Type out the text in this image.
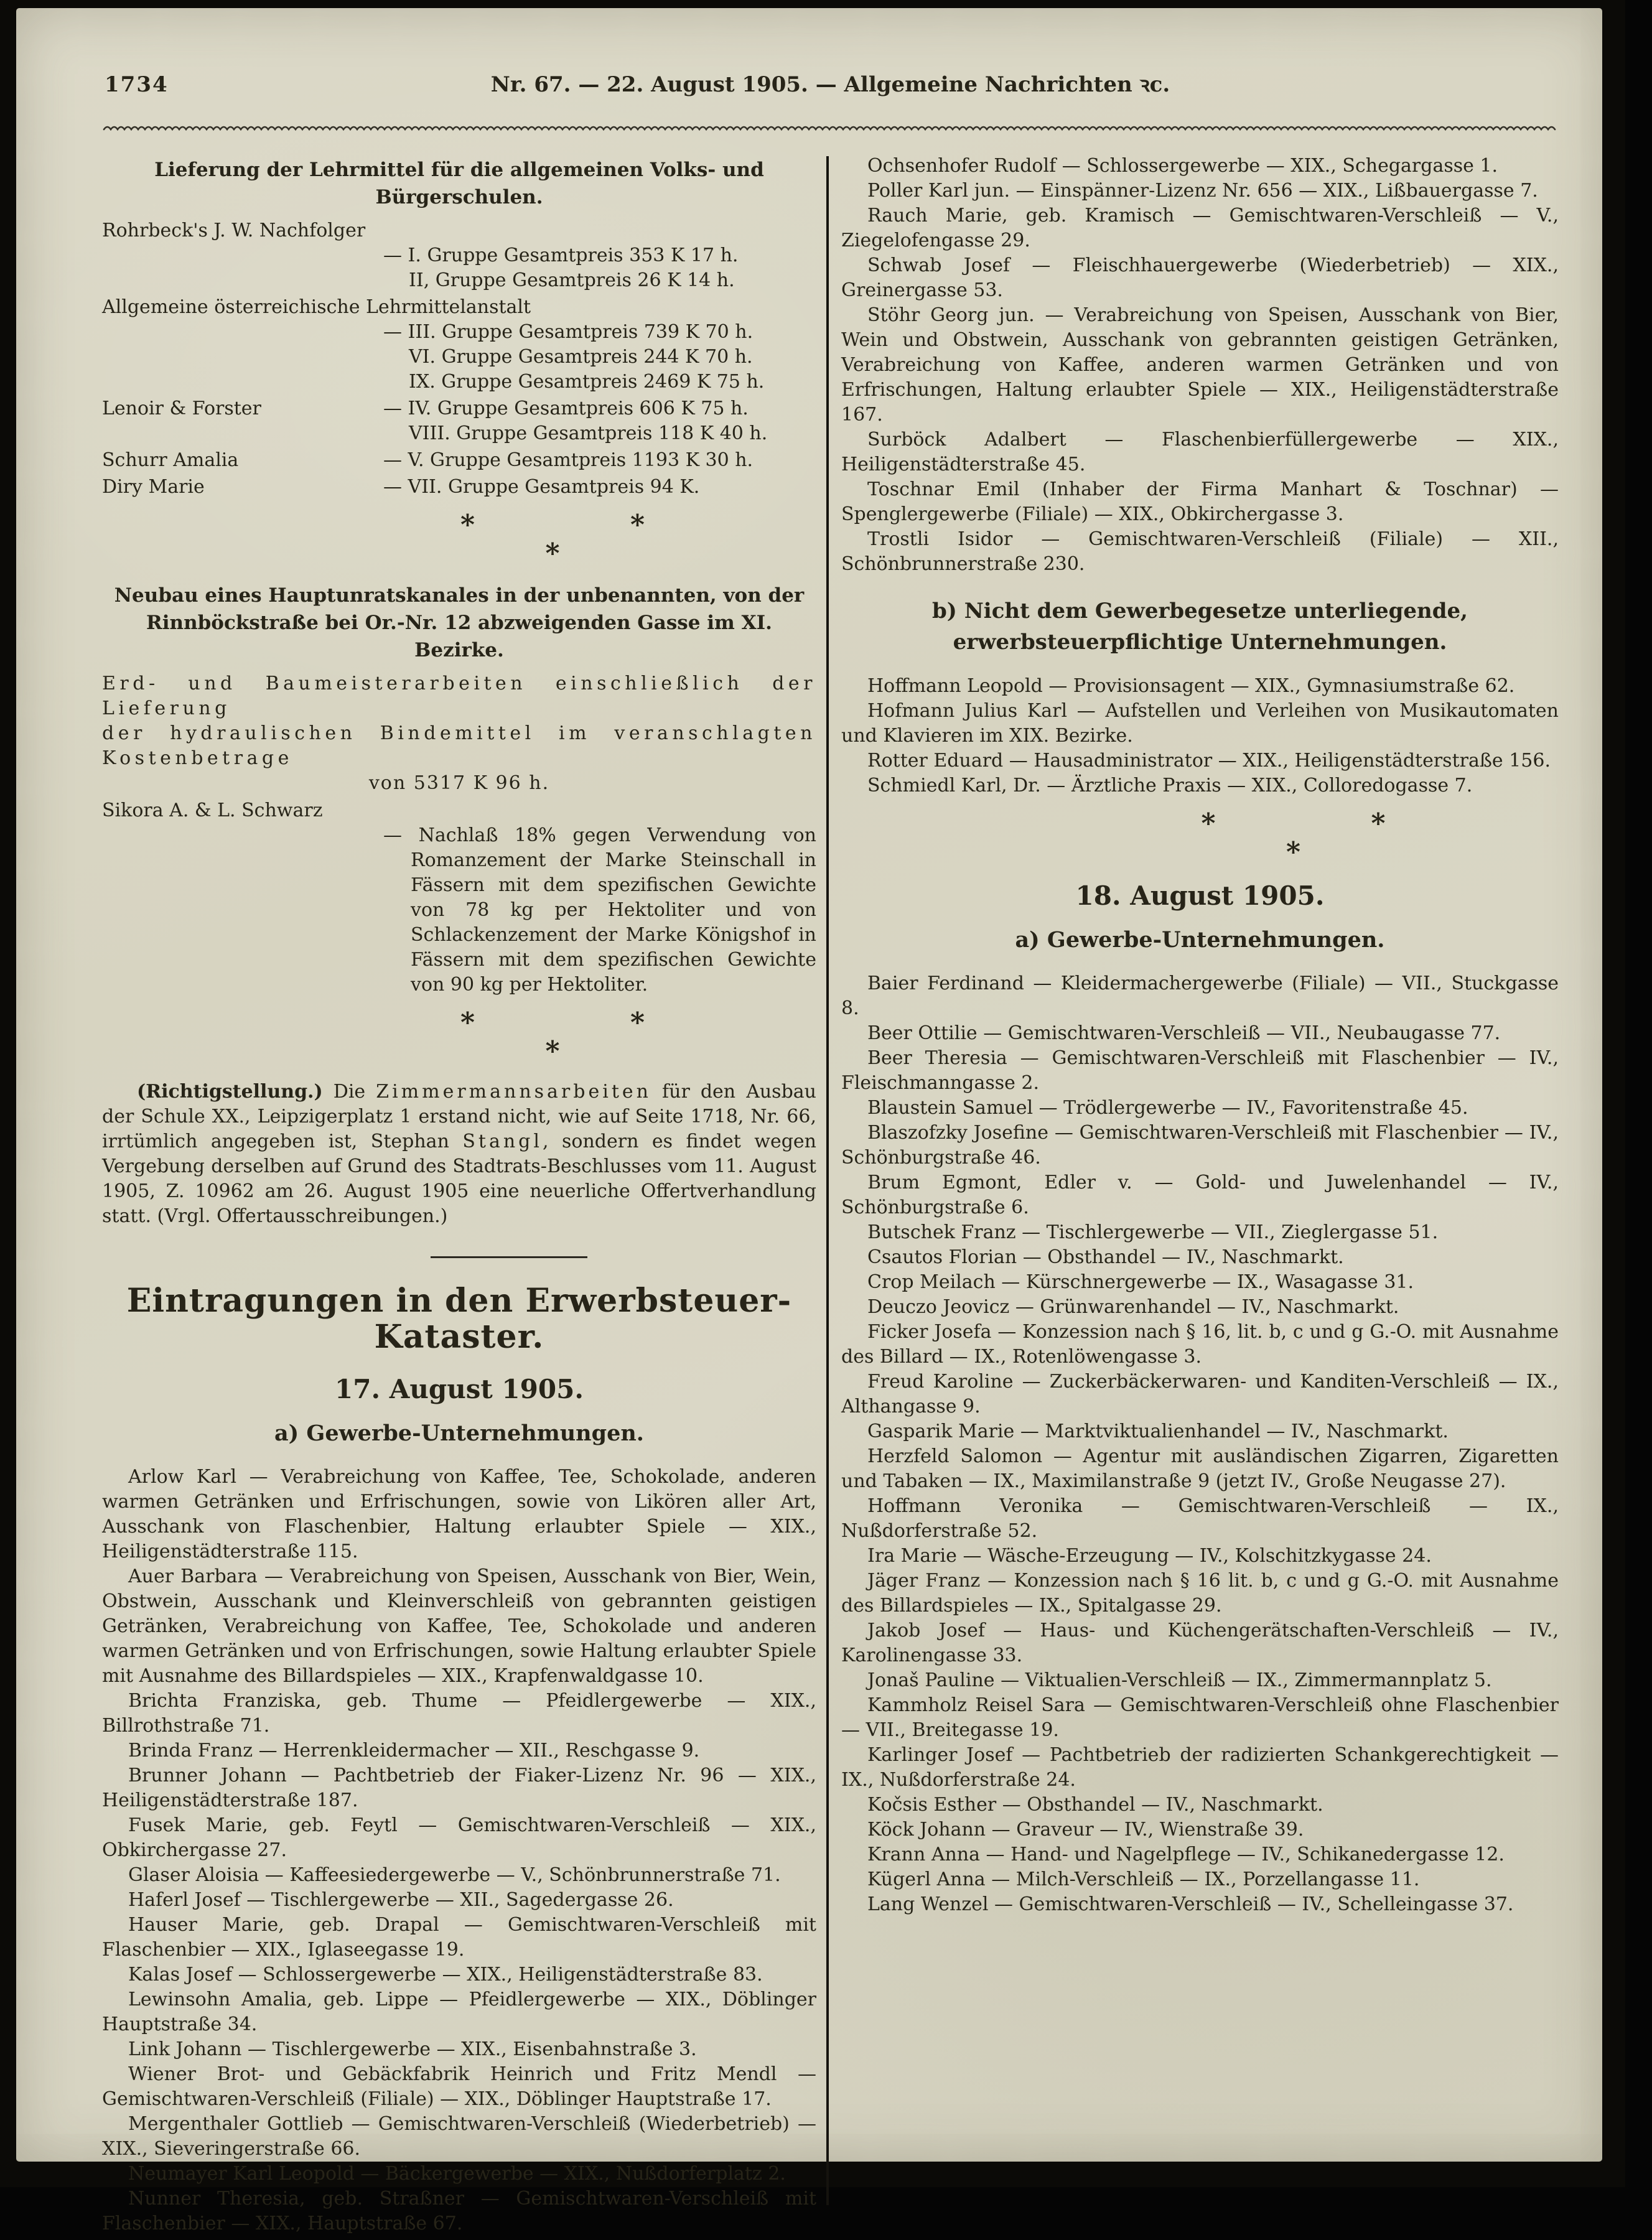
1734	Nr. 67. — 22. August 1905. — Allgemeine Nachrichten ꝛc.
Lieferung der Lehrmittel für die allgemeinen Volks- und Bürgerschulen.
Rohrbeck's J. W. Nachfolger
— I. Gruppe Gesamtpreis 353 K 17 h.
II, Gruppe Gesamtpreis 26 K 14 h.
Allgemeine österreichische Lehrmittelanstalt
— III. Gruppe Gesamtpreis 739 K 70 h.
VI. Gruppe Gesamtpreis 244 K 70 h.
IX. Gruppe Gesamtpreis 2469 K 75 h.
Lenoir & Forster	— IV. Gruppe Gesamtpreis 606 K 75 h.
VIII. Gruppe Gesamtpreis 118 K 40 h.
Schurr Amalia	— V. Gruppe Gesamtpreis 1193 K 30 h.
Diry Marie	— VII. Gruppe Gesamtpreis 94 K.
*	*
*
Neubau eines Hauptunratskanales in der unbenannten, von der Rinnböckstraße bei Or.-Nr. 12 abzweigenden Gasse im XI. Bezirke.
Erd- und Baumeisterarbeiten einschließlich der Lieferung
der hydraulischen Bindemittel im veranschlagten Kostenbetrage
von 5317 K 96 h.
Sikora A. & L. Schwarz
— Nachlaß 18% gegen Verwendung von Romanzement der Marke Steinschall in Fässern mit dem spezifischen Gewichte von 78 kg per Hektoliter und von Schlackenzement der Marke Königshof in Fässern mit dem spezifischen Gewichte von 90 kg per Hektoliter.
*	*
*

(Richtigstellung.) Die Zimmermannsarbeiten für den Ausbau der Schule XX., Leipzigerplatz 1 erstand nicht, wie auf Seite 1718, Nr. 66, irrtümlich angegeben ist, Stephan Stangl, sondern es findet wegen Vergebung derselben auf Grund des Stadtrats-Beschlusses vom 11. August 1905, Z. 10962 am 26. August 1905 eine neuerliche Offertverhandlung statt. (Vrgl. Offertausschreibungen.)

Eintragungen in den Erwerbsteuer-Kataster.
17. August 1905.
a) Gewerbe-Unternehmungen.

Arlow Karl — Verabreichung von Kaffee, Tee, Schokolade, anderen warmen Getränken und Erfrischungen, sowie von Likören aller Art, Ausschank von Flaschenbier, Haltung erlaubter Spiele — XIX., Heiligenstädterstraße 115.

Auer Barbara — Verabreichung von Speisen, Ausschank von Bier, Wein, Obstwein, Ausschank und Kleinverschleiß von gebrannten geistigen Getränken, Verabreichung von Kaffee, Tee, Schokolade und anderen warmen Getränken und von Erfrischungen, sowie Haltung erlaubter Spiele mit Ausnahme des Billardspieles — XIX., Krapfenwaldgasse 10.

Brichta Franziska, geb. Thume — Pfeidlergewerbe — XIX., Billrothstraße 71.

Brinda Franz — Herrenkleidermacher — XII., Reschgasse 9.

Brunner Johann — Pachtbetrieb der Fiaker-Lizenz Nr. 96 — XIX., Heiligenstädterstraße 187.

Fusek Marie, geb. Feytl — Gemischtwaren-Verschleiß — XIX., Obkirchergasse 27.

Glaser Aloisia — Kaffeesiedergewerbe — V., Schönbrunnerstraße 71.

Haferl Josef — Tischlergewerbe — XII., Sagedergasse 26.

Hauser Marie, geb. Drapal — Gemischtwaren-Verschleiß mit Flaschenbier — XIX., Iglaseegasse 19.

Kalas Josef — Schlossergewerbe — XIX., Heiligenstädterstraße 83.

Lewinsohn Amalia, geb. Lippe — Pfeidlergewerbe — XIX., Döblinger Hauptstraße 34.

Link Johann — Tischlergewerbe — XIX., Eisenbahnstraße 3.

Wiener Brot- und Gebäckfabrik Heinrich und Fritz Mendl — Gemischtwaren-Verschleiß (Filiale) — XIX., Döblinger Hauptstraße 17.

Mergenthaler Gottlieb — Gemischtwaren-Verschleiß (Wiederbetrieb) — XIX., Sieveringerstraße 66.

Neumayer Karl Leopold — Bäckergewerbe — XIX., Nußdorferplatz 2.

Nunner Theresia, geb. Straßner — Gemischtwaren-Verschleiß mit Flaschenbier — XIX., Hauptstraße 67.

Ochsenhofer Rudolf — Schlossergewerbe — XIX., Schegargasse 1.

Poller Karl jun. — Einspänner-Lizenz Nr. 656 — XIX., Lißbauergasse 7.

Rauch Marie, geb. Kramisch — Gemischtwaren-Verschleiß — V., Ziegelofengasse 29.

Schwab Josef — Fleischhauergewerbe (Wiederbetrieb) — XIX., Greinergasse 53.

Stöhr Georg jun. — Verabreichung von Speisen, Ausschank von Bier, Wein und Obstwein, Ausschank von gebrannten geistigen Getränken, Verabreichung von Kaffee, anderen warmen Getränken und von Erfrischungen, Haltung erlaubter Spiele — XIX., Heiligenstädterstraße 167.

Surböck Adalbert — Flaschenbierfüllergewerbe — XIX., Heiligenstädterstraße 45.

Toschnar Emil (Inhaber der Firma Manhart & Toschnar) — Spenglergewerbe (Filiale) — XIX., Obkirchergasse 3.

Trostli Isidor — Gemischtwaren-Verschleiß (Filiale) — XII., Schönbrunnerstraße 230.

b) Nicht dem Gewerbegesetze unterliegende, erwerbsteuerpflichtige Unternehmungen.

Hoffmann Leopold — Provisionsagent — XIX., Gymnasiumstraße 62.

Hofmann Julius Karl — Aufstellen und Verleihen von Musikautomaten und Klavieren im XIX. Bezirke.

Rotter Eduard — Hausadministrator — XIX., Heiligenstädterstraße 156.

Schmiedl Karl, Dr. — Ärztliche Praxis — XIX., Colloredogasse 7.

*	*
*
18. August 1905.
a) Gewerbe-Unternehmungen.

Baier Ferdinand — Kleidermachergewerbe (Filiale) — VII., Stuckgasse 8.

Beer Ottilie — Gemischtwaren-Verschleiß — VII., Neubaugasse 77.

Beer Theresia — Gemischtwaren-Verschleiß mit Flaschenbier — IV., Fleischmanngasse 2.

Blaustein Samuel — Trödlergewerbe — IV., Favoritenstraße 45.

Blaszofzky Josefine — Gemischtwaren-Verschleiß mit Flaschenbier — IV., Schönburgstraße 46.

Brum Egmont, Edler v. — Gold- und Juwelenhandel — IV., Schönburgstraße 6.

Butschek Franz — Tischlergewerbe — VII., Zieglergasse 51.

Csautos Florian — Obsthandel — IV., Naschmarkt.

Crop Meilach — Kürschnergewerbe — IX., Wasagasse 31.

Deuczo Jeovicz — Grünwarenhandel — IV., Naschmarkt.

Ficker Josefa — Konzession nach § 16, lit. b, c und g G.-O. mit Ausnahme des Billard — IX., Rotenlöwengasse 3.

Freud Karoline — Zuckerbäckerwaren- und Kanditen-Verschleiß — IX., Althangasse 9.

Gasparik Marie — Marktviktualienhandel — IV., Naschmarkt.

Herzfeld Salomon — Agentur mit ausländischen Zigarren, Zigaretten und Tabaken — IX., Maximilanstraße 9 (jetzt IV., Große Neugasse 27).

Hoffmann Veronika — Gemischtwaren-Verschleiß — IX., Nußdorferstraße 52.

Ira Marie — Wäsche-Erzeugung — IV., Kolschitzkygasse 24.

Jäger Franz — Konzession nach § 16 lit. b, c und g G.-O. mit Ausnahme des Billardspieles — IX., Spitalgasse 29.

Jakob Josef — Haus- und Küchengerätschaften-Verschleiß — IV., Karolinengasse 33.

Jonaš Pauline — Viktualien-Verschleiß — IX., Zimmermannplatz 5.

Kammholz Reisel Sara — Gemischtwaren-Verschleiß ohne Flaschenbier — VII., Breitegasse 19.

Karlinger Josef — Pachtbetrieb der radizierten Schankgerechtigkeit — IX., Nußdorferstraße 24.

Kočsis Esther — Obsthandel — IV., Naschmarkt.

Köck Johann — Graveur — IV., Wienstraße 39.

Krann Anna — Hand- und Nagelpflege — IV., Schikanedergasse 12.

Kügerl Anna — Milch-Verschleiß — IX., Porzellangasse 11.

Lang Wenzel — Gemischtwaren-Verschleiß — IV., Schelleingasse 37.
